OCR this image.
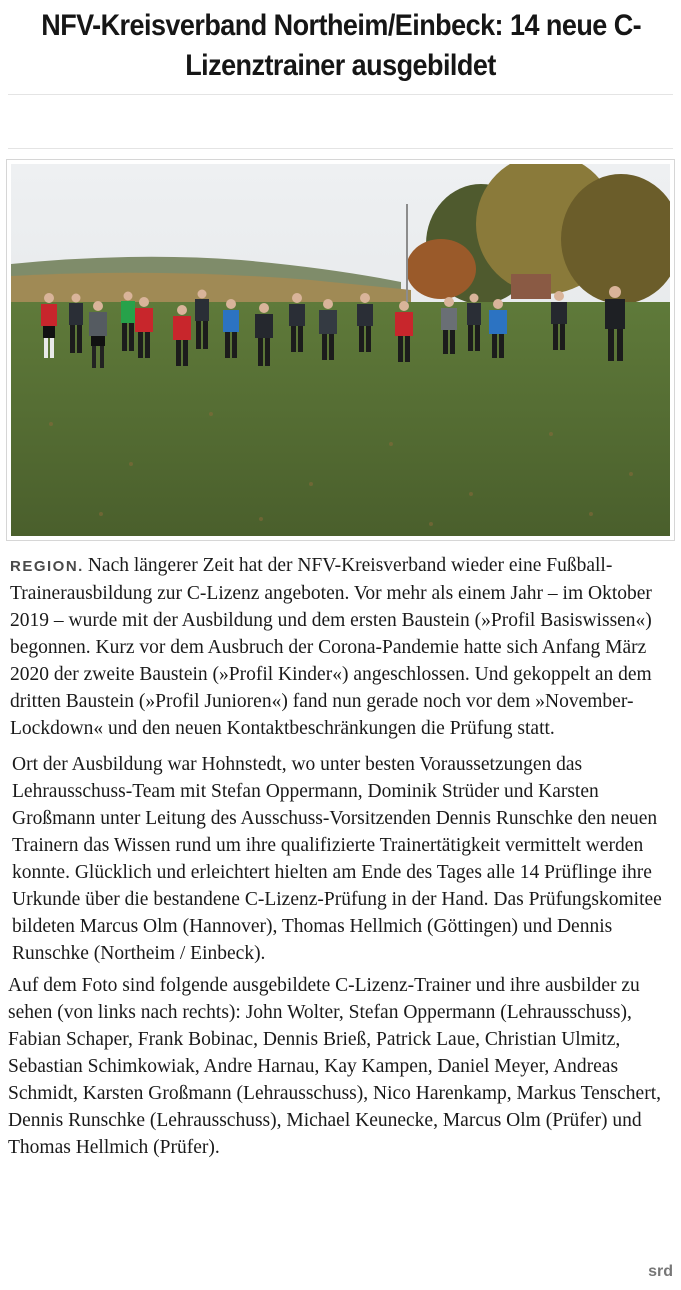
NFV-Kreisverband Northeim/Einbeck: 14 neue C-
Lizenztrainer ausgebildet

REGION. Nach längerer Zeit hat der NFV-Kreisverband wieder eine Fußball-Trainerausbildung zur C-Lizenz angeboten. Vor mehr als einem Jahr – im Oktober 2019 – wurde mit der Ausbildung und dem ersten Baustein (»Profil Basiswissen«) begonnen. Kurz vor dem Ausbruch der Corona-Pandemie hatte sich Anfang März 2020 der zweite Baustein (»Profil Kinder«) angeschlossen. Und gekoppelt an dem dritten Baustein (»Profil Junioren«) fand nun gerade noch vor dem »November-Lockdown« und den neuen Kontaktbeschränkungen die Prüfung statt.

Ort der Ausbildung war Hohnstedt, wo unter besten Voraussetzungen das Lehrausschuss-Team mit Stefan Oppermann, Dominik Strüder und Karsten Großmann unter Leitung des Ausschuss-Vorsitzenden Dennis Runschke den neuen Trainern das Wissen rund um ihre qualifizierte Trainertätigkeit vermittelt werden konnte. Glücklich und erleichtert hielten am Ende des Tages alle 14 Prüflinge ihre Urkunde über die bestandene C-Lizenz-Prüfung in der Hand. Das Prüfungskomitee bildeten Marcus Olm (Hannover), Thomas Hellmich (Göttingen) und Dennis Runschke (Northeim / Einbeck).

Auf dem Foto sind folgende ausgebildete C-Lizenz-Trainer und ihre ausbilder zu sehen (von links nach rechts): John Wolter, Stefan Oppermann (Lehrausschuss), Fabian Schaper, Frank Bobinac, Dennis Brieß, Patrick Laue, Christian Ulmitz, Sebastian Schimkowiak, Andre Harnau, Kay Kampen, Daniel Meyer, Andreas Schmidt, Karsten Großmann (Lehrausschuss), Nico Harenkamp, Markus Tenschert, Dennis Runschke (Lehrausschuss), Michael Keunecke, Marcus Olm (Prüfer) und Thomas Hellmich (Prüfer).

srd
